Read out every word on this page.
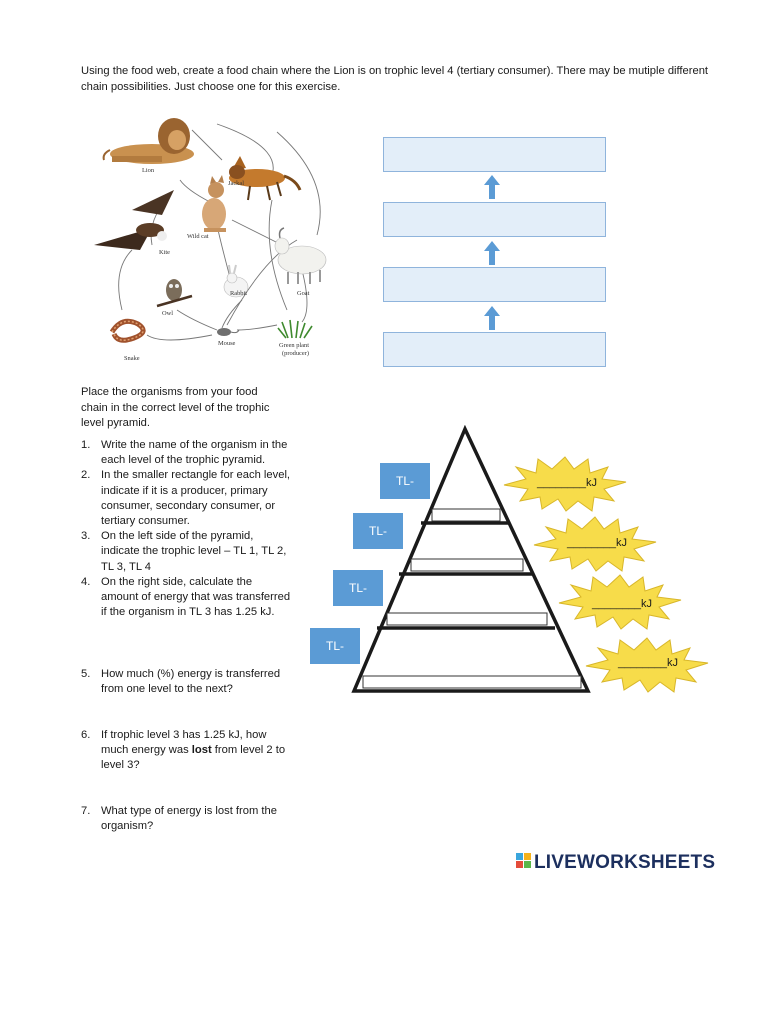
Using the food web, create a food chain where the Lion is on trophic level 4 (tertiary consumer). There may be mutiple different chain possibilities. Just choose one for this exercise.
Lion
Jackal
Wild cat
Kite
Goat
Rabbit
Owl
Snake
Mouse	Green plant
(producer)
Place the organisms from your food chain in the correct level of the trophic level pyramid.
1. Write the name of the organism in the each level of the trophic pyramid.
2. In the smaller rectangle for each level, indicate if it is a producer, primary consumer, secondary consumer, or tertiary consumer.
3. On the left side of the pyramid, indicate the trophic level – TL 1, TL 2, TL 3, TL 4
4. On the right side, calculate the amount of energy that was transferred if the organism in TL 3 has 1.25 kJ.
5. How much (%) energy is transferred from one level to the next?
6. If trophic level 3 has 1.25 kJ, how much energy was lost from level 2 to level 3?
7. What type of energy is lost from the organism?
TL-
TL-
TL-
TL-
________kJ
________kJ
________kJ
________kJ
LIVEWORKSHEETS
